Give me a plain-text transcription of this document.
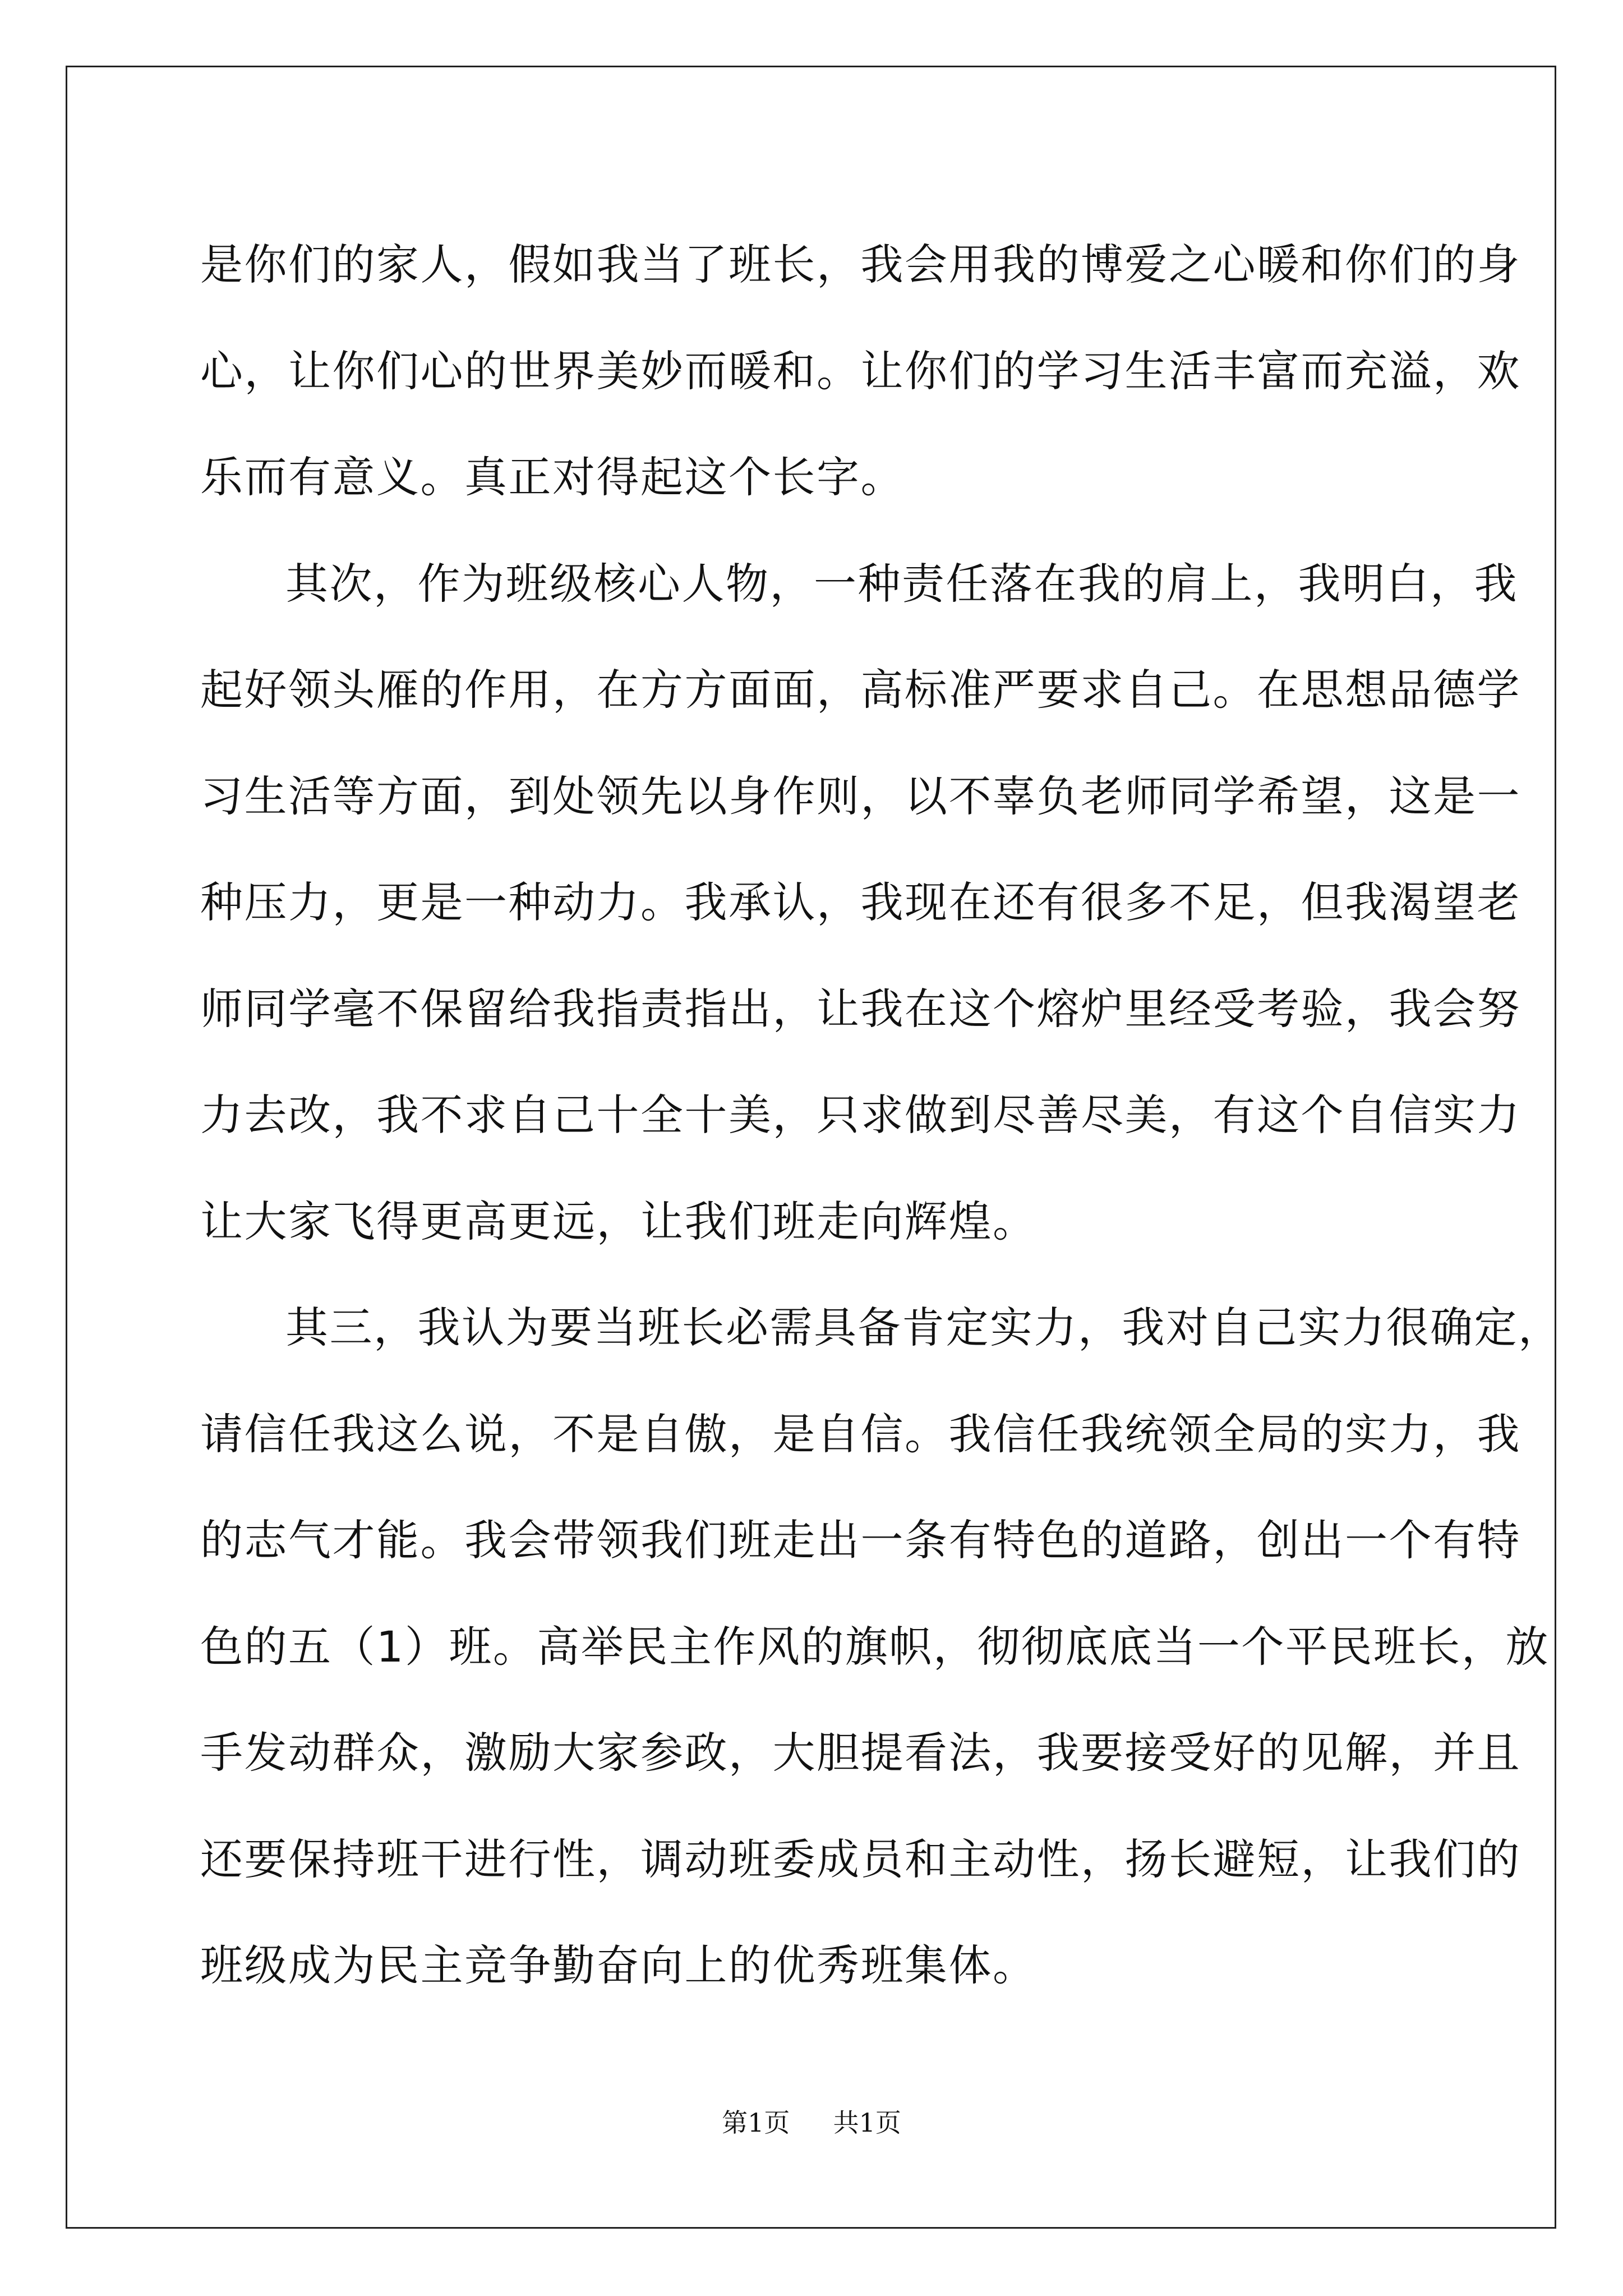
是你们的家人，假如我当了班长，我会用我的博爱之心暖和你们的身
心，让你们心的世界美妙而暖和。让你们的学习生活丰富而充溢，欢
乐而有意义。真正对得起这个长字。
其次，作为班级核心人物，一种责任落在我的肩上，我明白，我
起好领头雁的作用，在方方面面，高标准严要求自己。在思想品德学
习生活等方面，到处领先以身作则，以不辜负老师同学希望，这是一
种压力，更是一种动力。我承认，我现在还有很多不足，但我渴望老
师同学毫不保留给我指责指出，让我在这个熔炉里经受考验，我会努
力去改，我不求自己十全十美，只求做到尽善尽美，有这个自信实力
让大家飞得更高更远，让我们班走向辉煌。
其三，我认为要当班长必需具备肯定实力，我对自己实力很确定，
请信任我这么说，不是自傲，是自信。我信任我统领全局的实力，我
的志气才能。我会带领我们班走出一条有特色的道路，创出一个有特
色的五（1）班。高举民主作风的旗帜，彻彻底底当一个平民班长，放
手发动群众，激励大家参政，大胆提看法，我要接受好的见解，并且
还要保持班干进行性，调动班委成员和主动性，扬长避短，让我们的
班级成为民主竞争勤奋向上的优秀班集体。
第1页 共1页
